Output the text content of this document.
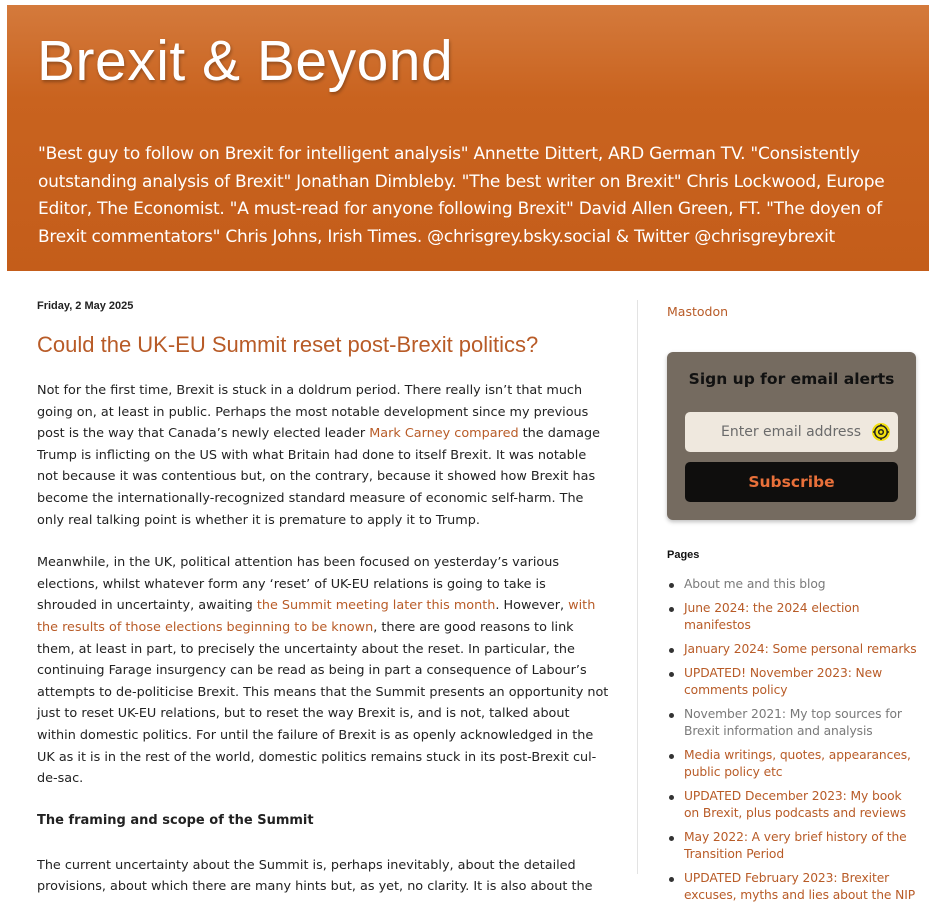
Brexit & Beyond

"Best guy to follow on Brexit for intelligent analysis" Annette Dittert, ARD German TV. "Consistently outstanding analysis of Brexit" Jonathan Dimbleby. "The best writer on Brexit" Chris Lockwood, Europe Editor, The Economist. "A must-read for anyone following Brexit" David Allen Green, FT. "The doyen of Brexit commentators" Chris Johns, Irish Times. @chrisgrey.bsky.social & Twitter @chrisgreybrexit

Friday, 2 May 2025

Could the UK-EU Summit reset post-Brexit politics?

Not for the first time, Brexit is stuck in a doldrum period. There really isn’t that much going on, at least in public. Perhaps the most notable development since my previous post is the way that Canada’s newly elected leader Mark Carney compared the damage Trump is inflicting on the US with what Britain had done to itself Brexit. It was notable not because it was contentious but, on the contrary, because it showed how Brexit has become the internationally-recognized standard measure of economic self-harm. The only real talking point is whether it is premature to apply it to Trump.

Meanwhile, in the UK, political attention has been focused on yesterday’s various elections, whilst whatever form any ‘reset’ of UK-EU relations is going to take is shrouded in uncertainty, awaiting the Summit meeting later this month. However, with the results of those elections beginning to be known, there are good reasons to link them, at least in part, to precisely the uncertainty about the reset. In particular, the continuing Farage insurgency can be read as being in part a consequence of Labour’s attempts to de-politicise Brexit. This means that the Summit presents an opportunity not just to reset UK-EU relations, but to reset the way Brexit is, and is not, talked about within domestic politics. For until the failure of Brexit is as openly acknowledged in the UK as it is in the rest of the world, domestic politics remains stuck in its post-Brexit cul-de-sac.

The framing and scope of the Summit

The current uncertainty about the Summit is, perhaps inevitably, about the detailed provisions, about which there are many hints but, as yet, no clarity. It is also about the

Mastodon

Sign up for email alerts

Enter email address
Subscribe
Pages
About me and this blog
June 2024: the 2024 election manifestos
January 2024: Some personal remarks
UPDATED! November 2023: New comments policy
November 2021: My top sources for Brexit information and analysis
Media writings, quotes, appearances, public policy etc
UPDATED December 2023: My book on Brexit, plus podcasts and reviews
May 2022: A very brief history of the Transition Period
UPDATED February 2023: Brexiter excuses, myths and lies about the NIP
